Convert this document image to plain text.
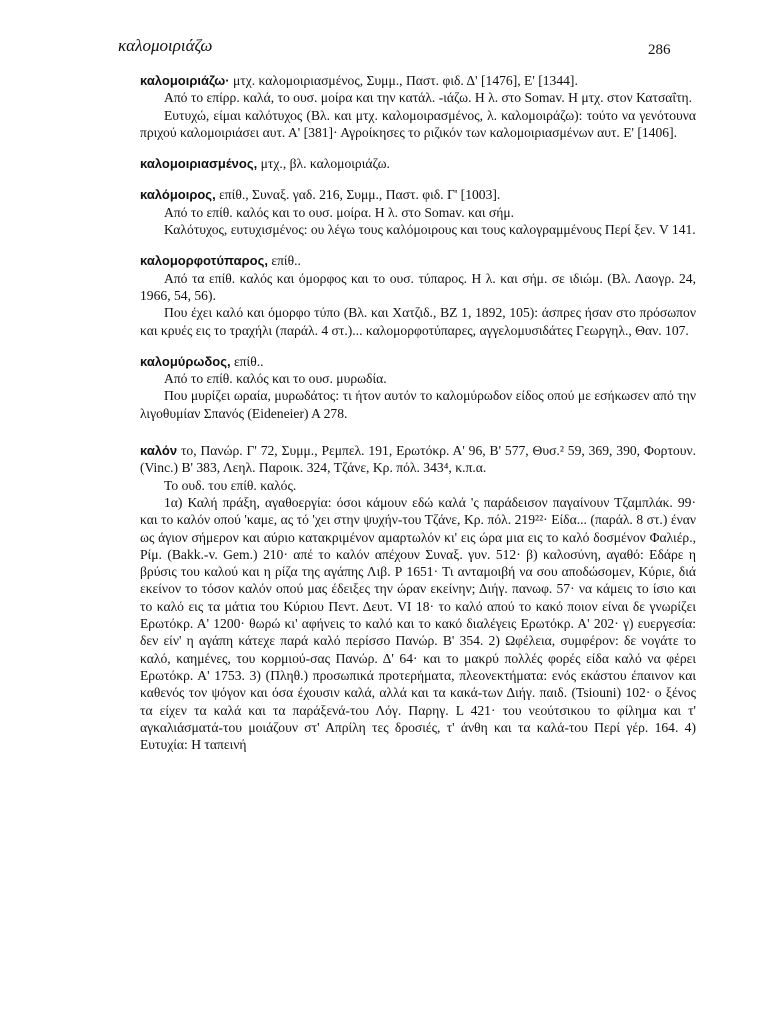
καλομοιριάζω	286

καλομοιριάζω· μτχ. καλομοιριασμένος, Συμμ., Παστ. φιδ. Δ' [1476], Ε' [1344].

Από το επίρρ. καλά, το ουσ. μοίρα και την κατάλ. -ιάζω. Η λ. στο Somav. Η μτχ. στον Κατσαΐτη.

Ευτυχώ, είμαι καλότυχος (Βλ. και μτχ. καλομοιρασμένος, λ. καλομοιράζω): τούτο να γενότουνα πριχού καλομοιριάσει αυτ. Α' [381]· Αγροίκησες το ριζικόν των καλομοιριασμένων αυτ. Ε' [1406].

καλομοιριασμένος, μτχ., βλ. καλομοιριάζω.

καλόμοιρος, επίθ., Συναξ. γαδ. 216, Συμμ., Παστ. φιδ. Γ' [1003].

Από το επίθ. καλός και το ουσ. μοίρα. Η λ. στο Somav. και σήμ.

Καλότυχος, ευτυχισμένος: ου λέγω τους καλόμοιρους και τους καλογραμμένους Περί ξεν. V 141.

καλομορφοτύπαρος, επίθ..

Από τα επίθ. καλός και όμορφος και το ουσ. τύπαρος. Η λ. και σήμ. σε ιδιώμ. (Βλ. Λαογρ. 24, 1966, 54, 56).

Που έχει καλό και όμορφο τύπο (Βλ. και Χατζιδ., ΒΖ 1, 1892, 105): άσπρες ήσαν στο πρόσωπον και κρυές εις το τραχήλι (παράλ. 4 στ.)... καλομορφοτύπαρες, αγγελομυσιδάτες Γεωργηλ., Θαν. 107.

καλομύρωδος, επίθ..

Από το επίθ. καλός και το ουσ. μυρωδία.

Που μυρίζει ωραία, μυρωδάτος: τι ήτον αυτόν το καλομύρωδον είδος οπού με εσήκωσεν από την λιγοθυμίαν Σπανός (Eideneier) Α 278.

καλόν το, Πανώρ. Γ' 72, Συμμ., Ρεμπελ. 191, Ερωτόκρ. Α' 96, Β' 577, Θυσ.² 59, 369, 390, Φορτουν. (Vinc.) Β' 383, Λεηλ. Παροικ. 324, Τζάνε, Κρ. πόλ. 343⁴, κ.π.α.

Το ουδ. του επίθ. καλός.

1α) Καλή πράξη, αγαθοεργία: όσοι κάμουν εδώ καλά 'ς παράδεισον παγαίνουν Τζαμπλάκ. 99· και το καλόν οπού 'καμε, ας τό 'χει στην ψυχήν-του Τζάνε, Κρ. πόλ. 219²²· Είδα... (παράλ. 8 στ.) έναν ως άγιον σήμερον και αύριο κατακριμένον αμαρτωλόν κι' εις ώρα μια εις το καλό δοσμένον Φαλιέρ., Ρίμ. (Bakk.-v. Gem.) 210· απέ το καλόν απέχουν Συναξ. γυν. 512· β) καλοσύνη, αγαθό: Εδάρε η βρύσις του καλού και η ρίζα της αγάπης Λιβ. Ρ 1651· Τι ανταμοιβή να σου αποδώσομεν, Κύριε, διά εκείνον το τόσον καλόν οπού μας έδειξες την ώραν εκείνην; Διήγ. πανωφ. 57· να κάμεις το ίσιο και το καλό εις τα μάτια του Κύριου Πεντ. Δευτ. VI 18· το καλό απού το κακό ποιον είναι δε γνωρίζει Ερωτόκρ. Α' 1200· θωρώ κι' αφήνεις το καλό και το κακό διαλέγεις Ερωτόκρ. Α' 202· γ) ευεργεσία: δεν είν' η αγάπη κάτεχε παρά καλό περίσσο Πανώρ. Β' 354. 2) Ωφέλεια, συμφέρον: δε νογάτε το καλό, καημένες, του κορμιού-σας Πανώρ. Δ' 64· και το μακρύ πολλές φορές είδα καλό να φέρει Ερωτόκρ. Α' 1753. 3) (Πληθ.) προσωπικά προτερήματα, πλεονεκτήματα: ενός εκάστου έπαινον και καθενός τον ψόγον και όσα έχουσιν καλά, αλλά και τα κακά-των Διήγ. παιδ. (Tsiouni) 102· ο ξένος τα είχεν τα καλά και τα παράξενά-του Λόγ. Παρηγ. L 421· του νεούτσικου το φίλημα και τ' αγκαλιάσματά-του μοιάζουν στ' Απρίλη τες δροσιές, τ' άνθη και τα καλά-του Περί γέρ. 164. 4) Ευτυχία: Η ταπεινή
